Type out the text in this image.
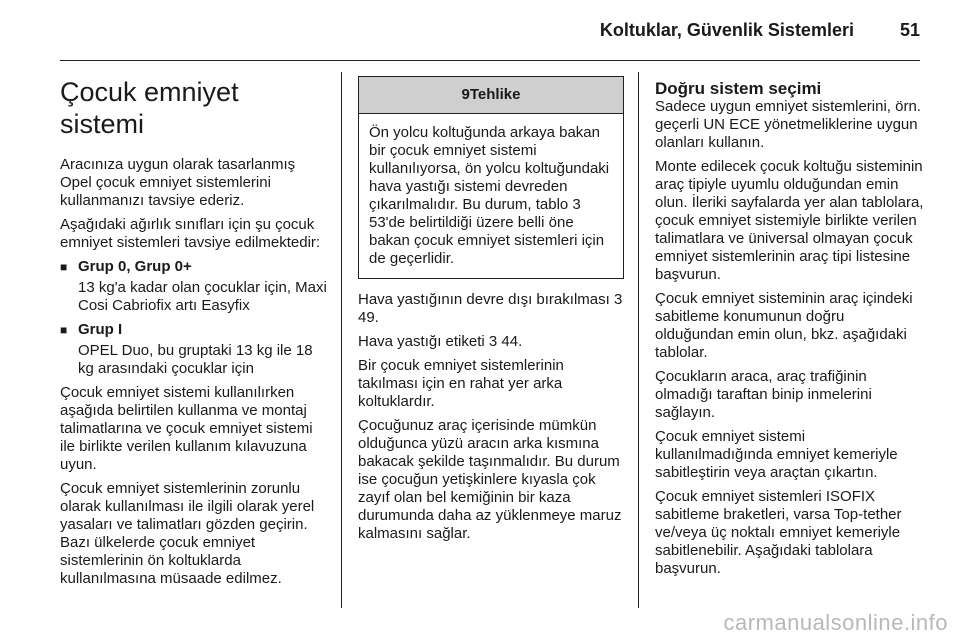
Koltuklar, Güvenlik Sistemleri	51
Çocuk emniyet sistemi

Aracınıza uygun olarak tasarlanmış Opel çocuk emniyet sistemlerini kullanmanızı tavsiye ederiz.

Aşağıdaki ağırlık sınıfları için şu çocuk emniyet sistemleri tavsiye edilmektedir:

■ Grup 0, Grup 0+
13 kg'a kadar olan çocuklar için, Maxi Cosi Cabriofix artı Easyfix
■ Grup I
OPEL Duo, bu gruptaki 13 kg ile 18 kg arasındaki çocuklar için

Çocuk emniyet sistemi kullanılırken aşağıda belirtilen kullanma ve montaj talimatlarına ve çocuk emniyet sistemi ile birlikte verilen kullanım kılavuzuna uyun.

Çocuk emniyet sistemlerinin zorunlu olarak kullanılması ile ilgili olarak yerel yasaları ve talimatları gözden geçirin. Bazı ülkelerde çocuk emniyet sistemlerinin ön koltuklarda kullanılmasına müsaade edilmez.

9Tehlike
Ön yolcu koltuğunda arkaya bakan bir çocuk emniyet sistemi kullanılıyorsa, ön yolcu koltuğundaki hava yastığı sistemi devreden çıkarılmalıdır. Bu durum, tablo 3 53'de belirtildiği üzere belli öne bakan çocuk emniyet sistemleri için de geçerlidir.

Hava yastığının devre dışı bırakılması 3 49.

Hava yastığı etiketi 3 44.

Bir çocuk emniyet sistemlerinin takılması için en rahat yer arka koltuklardır.

Çocuğunuz araç içerisinde mümkün olduğunca yüzü aracın arka kısmına bakacak şekilde taşınmalıdır. Bu durum ise çocuğun yetişkinlere kıyasla çok zayıf olan bel kemiğinin bir kaza durumunda daha az yüklenmeye maruz kalmasını sağlar.

Doğru sistem seçimi

Sadece uygun emniyet sistemlerini, örn. geçerli UN ECE yönetmeliklerine uygun olanları kullanın.

Monte edilecek çocuk koltuğu sisteminin araç tipiyle uyumlu olduğundan emin olun. İleriki sayfalarda yer alan tablolara, çocuk emniyet sistemiyle birlikte verilen talimatlara ve üniversal olmayan çocuk emniyet sistemlerinin araç tipi listesine başvurun.

Çocuk emniyet sisteminin araç içindeki sabitleme konumunun doğru olduğundan emin olun, bkz. aşağıdaki tablolar.

Çocukların araca, araç trafiğinin olmadığı taraftan binip inmelerini sağlayın.

Çocuk emniyet sistemi kullanılmadığında emniyet kemeriyle sabitleştirin veya araçtan çıkartın.

Çocuk emniyet sistemleri ISOFIX sabitleme braketleri, varsa Top-tether ve/veya üç noktalı emniyet kemeriyle sabitlenebilir. Aşağıdaki tablolara başvurun.

carmanualsonline.info
